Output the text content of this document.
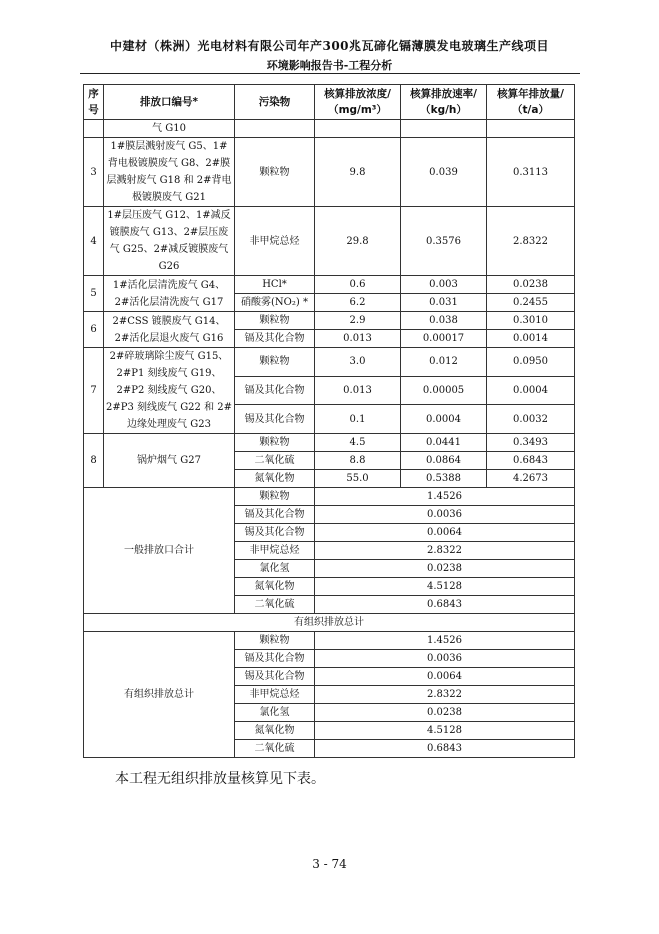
中建材（株洲）光电材料有限公司年产300兆瓦碲化镉薄膜发电玻璃生产线项目
环境影响报告书-工程分析
序号	排放口编号*	污染物	核算排放浓度/（mg/m³）	核算排放速率/（kg/h）	核算年排放量/（t/a）
	气 G10				
3	1#膜层溅射废气 G5、1#背电极镀膜废气 G8、2#膜层溅射废气 G18 和 2#背电极镀膜废气 G21	颗粒物	9.8	0.039	0.3113
4	1#层压废气 G12、1#减反镀膜废气 G13、2#层压废气 G25、2#减反镀膜废气 G26	非甲烷总烃	29.8	0.3576	2.8322
5	1#活化层清洗废气 G4、2#活化层清洗废气 G17	HCl*	0.6	0.003	0.0238
		硝酸雾(NO₂) *	6.2	0.031	0.2455
6	2#CSS 镀膜废气 G14、2#活化层退火废气 G16	颗粒物	2.9	0.038	0.3010
		镉及其化合物	0.013	0.00017	0.0014
7	2#碎玻璃除尘废气 G15、2#P1 刻线废气 G19、2#P2 刻线废气 G20、2#P3 刻线废气 G22 和 2#边缘处理废气 G23	颗粒物	3.0	0.012	0.0950
		镉及其化合物	0.013	0.00005	0.0004
		锡及其化合物	0.1	0.0004	0.0032
8	锅炉烟气 G27	颗粒物	4.5	0.0441	0.3493
		二氧化硫	8.8	0.0864	0.6843
		氮氧化物	55.0	0.5388	4.2673
一般排放口合计		颗粒物	1.4526		
		镉及其化合物	0.0036		
		锡及其化合物	0.0064		
		非甲烷总烃	2.8322		
		氯化氢	0.0238		
		氮氧化物	4.5128		
		二氧化硫	0.6843		
有组织排放总计					
有组织排放总计		颗粒物	1.4526		
		镉及其化合物	0.0036		
		锡及其化合物	0.0064		
		非甲烷总烃	2.8322		
		氯化氢	0.0238		
		氮氧化物	4.5128		
		二氧化硫	0.6843		
本工程无组织排放量核算见下表。
3 - 74
